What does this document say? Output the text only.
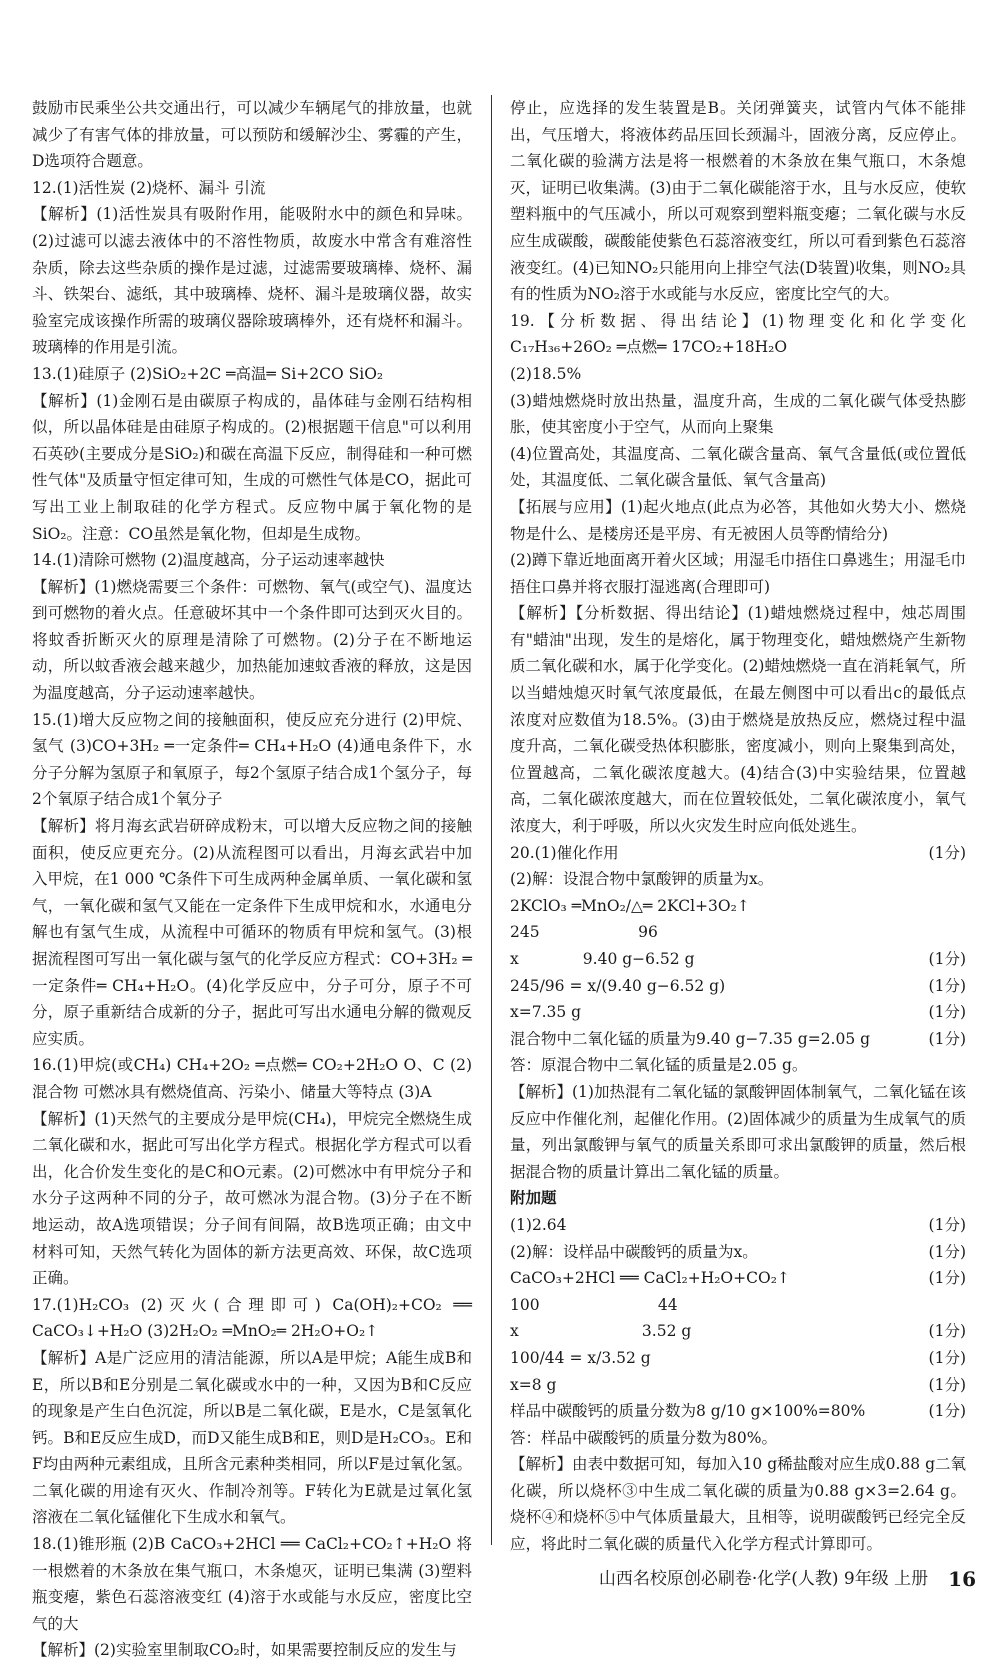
鼓励市民乘坐公共交通出行，可以减少车辆尾气的排放量，也就减少了有害气体的排放量，可以预防和缓解沙尘、雾霾的产生，D选项符合题意。
12.(1)活性炭 (2)烧杯、漏斗 引流
【解析】(1)活性炭具有吸附作用，能吸附水中的颜色和异味。(2)过滤可以滤去液体中的不溶性物质，故废水中常含有难溶性杂质，除去这些杂质的操作是过滤，过滤需要玻璃棒、烧杯、漏斗、铁架台、滤纸，其中玻璃棒、烧杯、漏斗是玻璃仪器，故实验室完成该操作所需的玻璃仪器除玻璃棒外，还有烧杯和漏斗。玻璃棒的作用是引流。
13.(1)硅原子 (2)SiO₂+2C ═高温═ Si+2CO SiO₂
【解析】(1)金刚石是由碳原子构成的，晶体硅与金刚石结构相似，所以晶体硅是由硅原子构成的。(2)根据题干信息"可以利用石英砂(主要成分是SiO₂)和碳在高温下反应，制得硅和一种可燃性气体"及质量守恒定律可知，生成的可燃性气体是CO，据此可写出工业上制取硅的化学方程式。反应物中属于氧化物的是SiO₂。注意：CO虽然是氧化物，但却是生成物。
14.(1)清除可燃物 (2)温度越高，分子运动速率越快
【解析】(1)燃烧需要三个条件：可燃物、氧气(或空气)、温度达到可燃物的着火点。任意破坏其中一个条件即可达到灭火目的。将蚊香折断灭火的原理是清除了可燃物。(2)分子在不断地运动，所以蚊香液会越来越少，加热能加速蚊香液的释放，这是因为温度越高，分子运动速率越快。
15.(1)增大反应物之间的接触面积，使反应充分进行 (2)甲烷、氢气 (3)CO+3H₂ ═一定条件═ CH₄+H₂O (4)通电条件下，水分子分解为氢原子和氧原子，每2个氢原子结合成1个氢分子，每2个氧原子结合成1个氧分子
【解析】将月海玄武岩研碎成粉末，可以增大反应物之间的接触面积，使反应更充分。(2)从流程图可以看出，月海玄武岩中加入甲烷，在1 000 ℃条件下可生成两种金属单质、一氧化碳和氢气，一氧化碳和氢气又能在一定条件下生成甲烷和水，水通电分解也有氢气生成，从流程中可循环的物质有甲烷和氢气。(3)根据流程图可写出一氧化碳与氢气的化学反应方程式：CO+3H₂ ═一定条件═ CH₄+H₂O。(4)化学反应中，分子可分，原子不可分，原子重新结合成新的分子，据此可写出水通电分解的微观反应实质。
16.(1)甲烷(或CH₄) CH₄+2O₂ ═点燃═ CO₂+2H₂O O、C (2)混合物 可燃冰具有燃烧值高、污染小、储量大等特点 (3)A
【解析】(1)天然气的主要成分是甲烷(CH₄)，甲烷完全燃烧生成二氧化碳和水，据此可写出化学方程式。根据化学方程式可以看出，化合价发生变化的是C和O元素。(2)可燃冰中有甲烷分子和水分子这两种不同的分子，故可燃冰为混合物。(3)分子在不断地运动，故A选项错误；分子间有间隔，故B选项正确；由文中材料可知，天然气转化为固体的新方法更高效、环保，故C选项正确。
17.(1)H₂CO₃ (2)灭火(合理即可) Ca(OH)₂+CO₂ ══ CaCO₃↓+H₂O (3)2H₂O₂ ═MnO₂═ 2H₂O+O₂↑
【解析】A是广泛应用的清洁能源，所以A是甲烷；A能生成B和E，所以B和E分别是二氧化碳或水中的一种，又因为B和C反应的现象是产生白色沉淀，所以B是二氧化碳，E是水，C是氢氧化钙。B和E反应生成D，而D又能生成B和E，则D是H₂CO₃。E和F均由两种元素组成，且所含元素种类相同，所以F是过氧化氢。二氧化碳的用途有灭火、作制冷剂等。F转化为E就是过氧化氢溶液在二氧化锰催化下生成水和氧气。
18.(1)锥形瓶 (2)B CaCO₃+2HCl ══ CaCl₂+CO₂↑+H₂O 将一根燃着的木条放在集气瓶口，木条熄灭，证明已集满 (3)塑料瓶变瘪，紫色石蕊溶液变红 (4)溶于水或能与水反应，密度比空气的大
【解析】(2)实验室里制取CO₂时，如果需要控制反应的发生与
停止，应选择的发生装置是B。关闭弹簧夹，试管内气体不能排出，气压增大，将液体药品压回长颈漏斗，固液分离，反应停止。二氧化碳的验满方法是将一根燃着的木条放在集气瓶口，木条熄灭，证明已收集满。(3)由于二氧化碳能溶于水，且与水反应，使软塑料瓶中的气压减小，所以可观察到塑料瓶变瘪；二氧化碳与水反应生成碳酸，碳酸能使紫色石蕊溶液变红，所以可看到紫色石蕊溶液变红。(4)已知NO₂只能用向上排空气法(D装置)收集，则NO₂具有的性质为NO₂溶于水或能与水反应，密度比空气的大。
19.【分析数据、得出结论】(1)物理变化和化学变化 C₁₇H₃₆+26O₂ ═点燃═ 17CO₂+18H₂O
(2)18.5%
(3)蜡烛燃烧时放出热量，温度升高，生成的二氧化碳气体受热膨胀，使其密度小于空气，从而向上聚集
(4)位置高处，其温度高、二氧化碳含量高、氧气含量低(或位置低处，其温度低、二氧化碳含量低、氧气含量高)
【拓展与应用】(1)起火地点(此点为必答，其他如火势大小、燃烧物是什么、是楼房还是平房、有无被困人员等酌情给分)
(2)蹲下靠近地面离开着火区域；用湿毛巾捂住口鼻逃生；用湿毛巾捂住口鼻并将衣服打湿逃离(合理即可)
【解析】【分析数据、得出结论】(1)蜡烛燃烧过程中，烛芯周围有"蜡油"出现，发生的是熔化，属于物理变化，蜡烛燃烧产生新物质二氧化碳和水，属于化学变化。(2)蜡烛燃烧一直在消耗氧气，所以当蜡烛熄灭时氧气浓度最低，在最左侧图中可以看出c的最低点浓度对应数值为18.5%。(3)由于燃烧是放热反应，燃烧过程中温度升高，二氧化碳受热体积膨胀，密度减小，则向上聚集到高处，位置越高，二氧化碳浓度越大。(4)结合(3)中实验结果，位置越高，二氧化碳浓度越大，而在位置较低处，二氧化碳浓度小，氧气浓度大，利于呼吸，所以火灾发生时应向低处逃生。
20.(1)催化作用	(1分)
(2)解：设混合物中氯酸钾的质量为x。
2KClO₃ ═MnO₂/△═ 2KCl+3O₂↑
245                    96
x             9.40 g−6.52 g	(1分)
245/96 = x/(9.40 g−6.52 g)	(1分)
x=7.35 g	(1分)
混合物中二氧化锰的质量为9.40 g−7.35 g=2.05 g	(1分)
答：原混合物中二氧化锰的质量是2.05 g。
【解析】(1)加热混有二氧化锰的氯酸钾固体制氧气，二氧化锰在该反应中作催化剂，起催化作用。(2)固体减少的质量为生成氧气的质量，列出氯酸钾与氧气的质量关系即可求出氯酸钾的质量，然后根据混合物的质量计算出二氧化锰的质量。
附加题
(1)2.64	(1分)
(2)解：设样品中碳酸钙的质量为x。	(1分)
CaCO₃+2HCl ══ CaCl₂+H₂O+CO₂↑	(1分)
100                        44
x                         3.52 g	(1分)
100/44 = x/3.52 g	(1分)
x=8 g	(1分)
样品中碳酸钙的质量分数为8 g/10 g×100%=80%	(1分)
答：样品中碳酸钙的质量分数为80%。
【解析】由表中数据可知，每加入10 g稀盐酸对应生成0.88 g二氧化碳，所以烧杯③中生成二氧化碳的质量为0.88 g×3=2.64 g。烧杯④和烧杯⑤中气体质量最大，且相等，说明碳酸钙已经完全反应，将此时二氧化碳的质量代入化学方程式计算即可。
山西名校原创必刷卷·化学(人教) 9年级 上册 16
